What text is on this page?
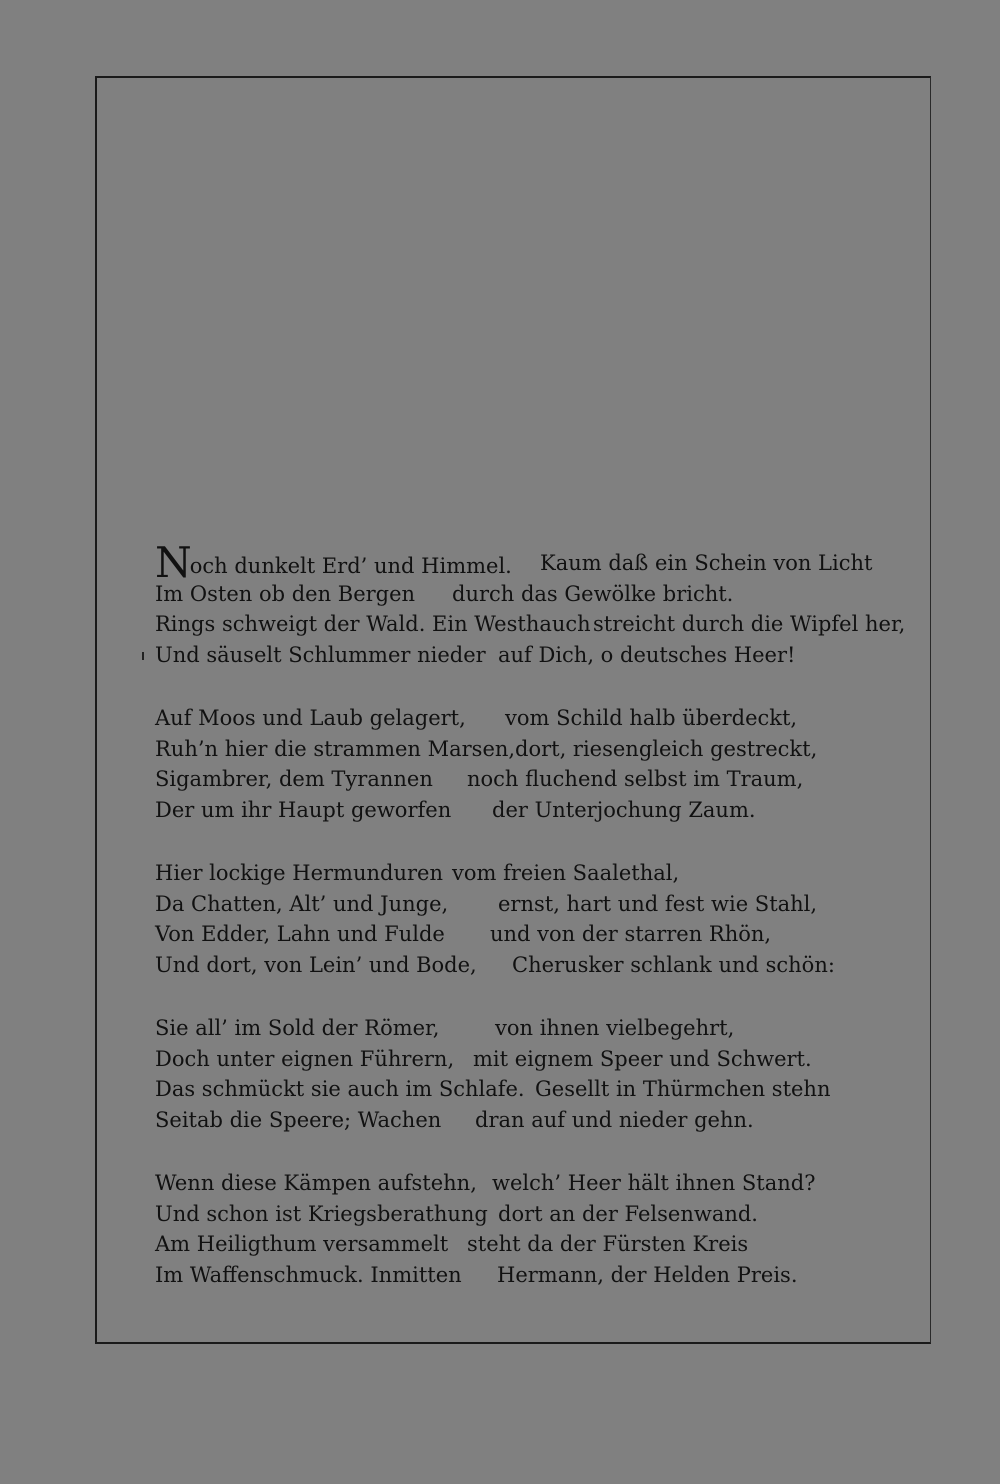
Noch dunkelt Erd’ und Himmel.	Kaum daß ein Schein von Licht
Im Osten ob den Bergen	durch das Gewölke bricht.
Rings schweigt der Wald. Ein Westhauch streicht durch die Wipfel her,
Und säuselt Schlummer nieder auf Dich, o deutsches Heer!
Auf Moos und Laub gelagert,	vom Schild halb überdeckt,
Ruh’n hier die strammen Marsen, dort, riesengleich gestreckt,
Sigambrer, dem Tyrannen	noch fluchend selbst im Traum,
Der um ihr Haupt geworfen	der Unterjochung Zaum.
Hier lockige Hermunduren vom freien Saalethal,
Da Chatten, Alt’ und Junge,	ernst, hart und fest wie Stahl,
Von Edder, Lahn und Fulde	und von der starren Rhön,
Und dort, von Lein’ und Bode,	Cherusker schlank und schön:
Sie all’ im Sold der Römer,	von ihnen vielbegehrt,
Doch unter eignen Führern, mit eignem Speer und Schwert.
Das schmückt sie auch im Schlafe. Gesellt in Thürmchen stehn
Seitab die Speere; Wachen	dran auf und nieder gehn.
Wenn diese Kämpen aufstehn, welch’ Heer hält ihnen Stand?
Und schon ist Kriegsberathung dort an der Felsenwand.
Am Heiligthum versammelt steht da der Fürsten Kreis
Im Waffenschmuck. Inmitten	Hermann, der Helden Preis.
